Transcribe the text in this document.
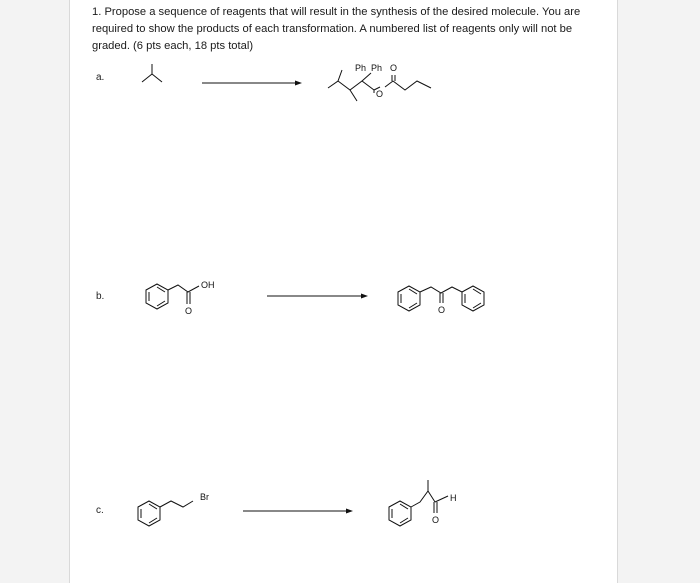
1. Propose a sequence of reagents that will result in the synthesis of the desired molecule. You are required to show the products of each transformation. A numbered list of reagents only will not be graded. (6 pts each, 18 pts total)

a.
b.
c.
Ph Ph O
O
O
OH
O
Br	H
O
